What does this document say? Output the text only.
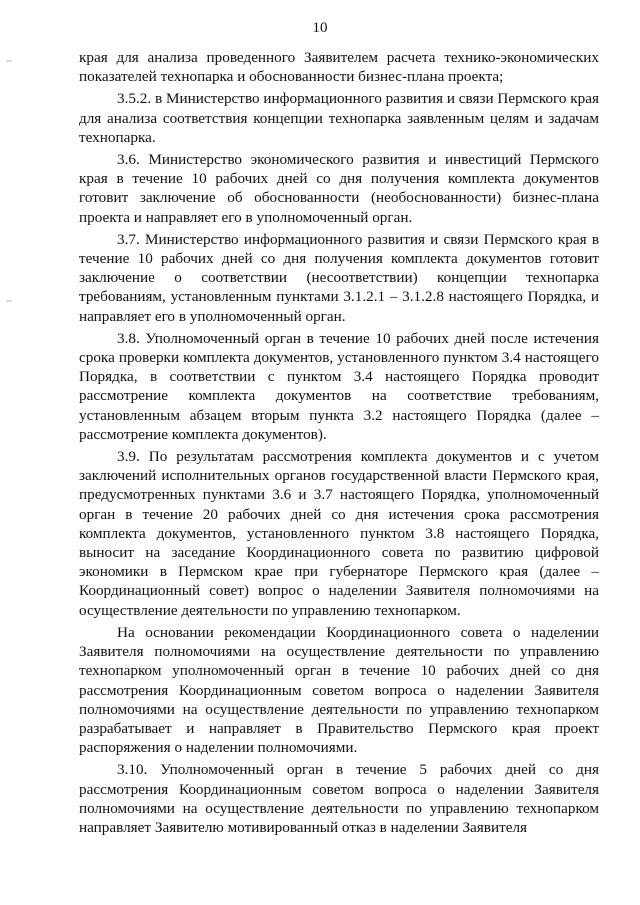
10

края для анализа проведенного Заявителем расчета технико-экономических показателей технопарка и обоснованности бизнес-плана проекта;

3.5.2. в Министерство информационного развития и связи Пермского края для анализа соответствия концепции технопарка заявленным целям и задачам технопарка.

3.6. Министерство экономического развития и инвестиций Пермского края в течение 10 рабочих дней со дня получения комплекта документов готовит заключение об обоснованности (необоснованности) бизнес-плана проекта и направляет его в уполномоченный орган.

3.7. Министерство информационного развития и связи Пермского края в течение 10 рабочих дней со дня получения комплекта документов готовит заключение о соответствии (несоответствии) концепции технопарка требованиям, установленным пунктами 3.1.2.1 – 3.1.2.8 настоящего Порядка, и направляет его в уполномоченный орган.

3.8. Уполномоченный орган в течение 10 рабочих дней после истечения срока проверки комплекта документов, установленного пунктом 3.4 настоящего Порядка, в соответствии с пунктом 3.4 настоящего Порядка проводит рассмотрение комплекта документов на соответствие требованиям, установленным абзацем вторым пункта 3.2 настоящего Порядка (далее – рассмотрение комплекта документов).

3.9. По результатам рассмотрения комплекта документов и с учетом заключений исполнительных органов государственной власти Пермского края, предусмотренных пунктами 3.6 и 3.7 настоящего Порядка, уполномоченный орган в течение 20 рабочих дней со дня истечения срока рассмотрения комплекта документов, установленного пунктом 3.8 настоящего Порядка, выносит на заседание Координационного совета по развитию цифровой экономики в Пермском крае при губернаторе Пермского края (далее – Координационный совет) вопрос о наделении Заявителя полномочиями на осуществление деятельности по управлению технопарком.

На основании рекомендации Координационного совета о наделении Заявителя полномочиями на осуществление деятельности по управлению технопарком уполномоченный орган в течение 10 рабочих дней со дня рассмотрения Координационным советом вопроса о наделении Заявителя полномочиями на осуществление деятельности по управлению технопарком разрабатывает и направляет в Правительство Пермского края проект распоряжения о наделении полномочиями.

3.10. Уполномоченный орган в течение 5 рабочих дней со дня рассмотрения Координационным советом вопроса о наделении Заявителя полномочиями на осуществление деятельности по управлению технопарком направляет Заявителю мотивированный отказ в наделении Заявителя
